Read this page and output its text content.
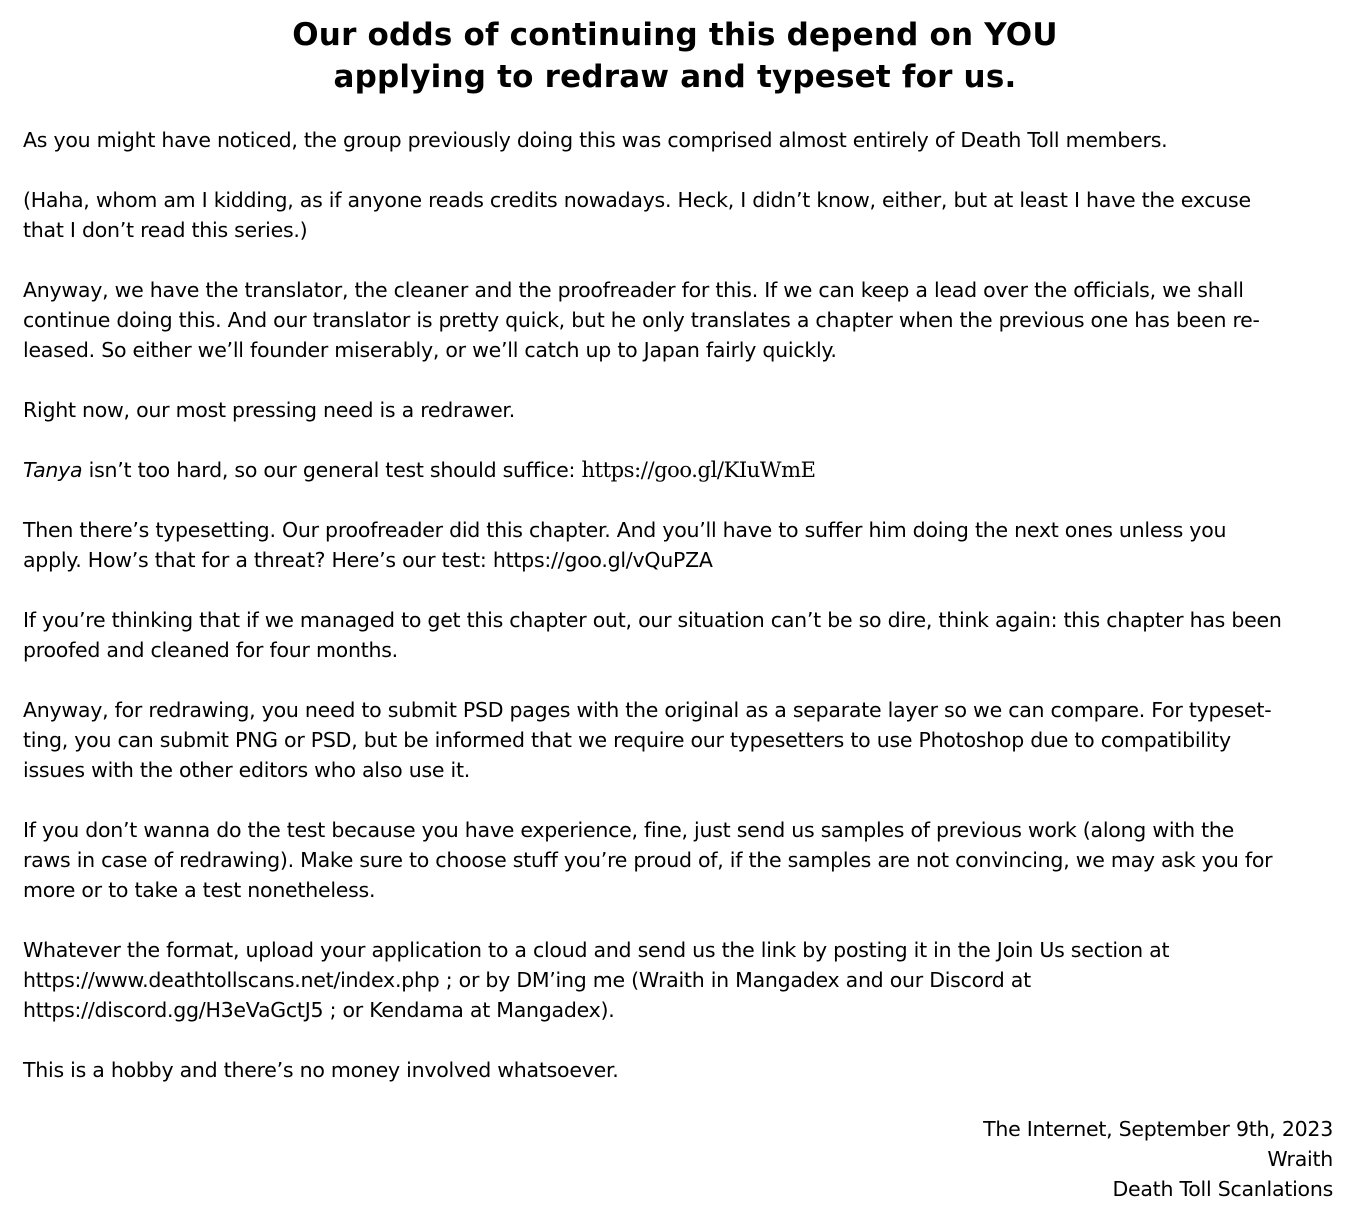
Our odds of continuing this depend on YOU
applying to redraw and typeset for us.
As you might have noticed, the group previously doing this was comprised almost entirely of Death Toll members.
(Haha, whom am I kidding, as if anyone reads credits nowadays. Heck, I didn’t know, either, but at least I have the excuse
that I don’t read this series.)
Anyway, we have the translator, the cleaner and the proofreader for this. If we can keep a lead over the officials, we shall
continue doing this. And our translator is pretty quick, but he only translates a chapter when the previous one has been re-
leased. So either we’ll founder miserably, or we’ll catch up to Japan fairly quickly.
Right now, our most pressing need is a redrawer.
Tanya isn’t too hard, so our general test should suffice: https://goo.gl/KIuWmE
Then there’s typesetting. Our proofreader did this chapter. And you’ll have to suffer him doing the next ones unless you
apply. How’s that for a threat? Here’s our test: https://goo.gl/vQuPZA
If you’re thinking that if we managed to get this chapter out, our situation can’t be so dire, think again: this chapter has been
proofed and cleaned for four months.
Anyway, for redrawing, you need to submit PSD pages with the original as a separate layer so we can compare. For typeset-
ting, you can submit PNG or PSD, but be informed that we require our typesetters to use Photoshop due to compatibility
issues with the other editors who also use it.
If you don’t wanna do the test because you have experience, fine, just send us samples of previous work (along with the
raws in case of redrawing). Make sure to choose stuff you’re proud of, if the samples are not convincing, we may ask you for
more or to take a test nonetheless.
Whatever the format, upload your application to a cloud and send us the link by posting it in the Join Us section at
https://www.deathtollscans.net/index.php ; or by DM’ing me (Wraith in Mangadex and our Discord at
https://discord.gg/H3eVaGctJ5 ; or Kendama at Mangadex).
This is a hobby and there’s no money involved whatsoever.
The Internet, September 9th, 2023
Wraith
Death Toll Scanlations
